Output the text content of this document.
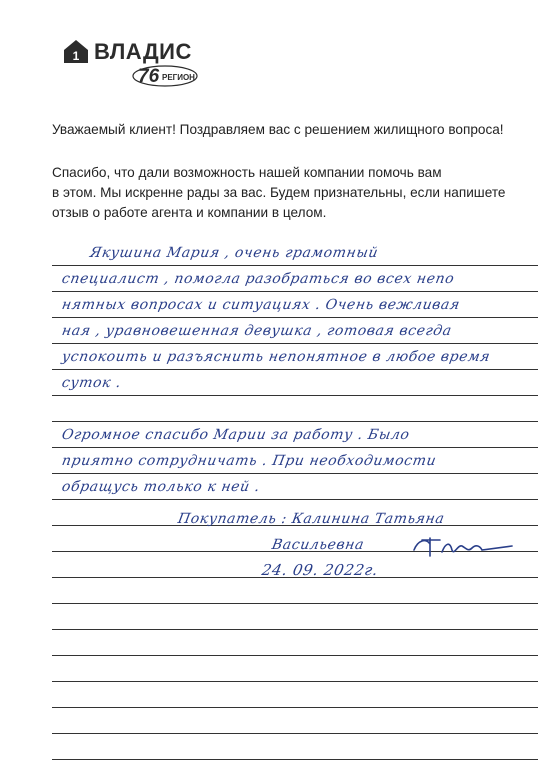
1 ВЛАДИС
76 РЕГИОН
Уважаемый клиент! Поздравляем вас с решением жилищного вопроса!
Спасибо, что дали возможность нашей компании помочь вам
в этом. Мы искренне рады за вас. Будем признательны, если напишете
отзыв о работе агента и компании в целом.
Якушина Мария , очень грамотный
специалист , помогла разобраться во всех непо
нятных вопросах и ситуациях . Очень вежливая
ная , уравновешенная девушка , готовая всегда
успокоить и разъяснить непонятное в любое время
суток .
Огромное спасибо Марии за работу . Было
приятно сотрудничать . При необходимости
обращусь только к ней .
Покупатель : Калинина Татьяна
Васильевна
24. 09. 2022г.
